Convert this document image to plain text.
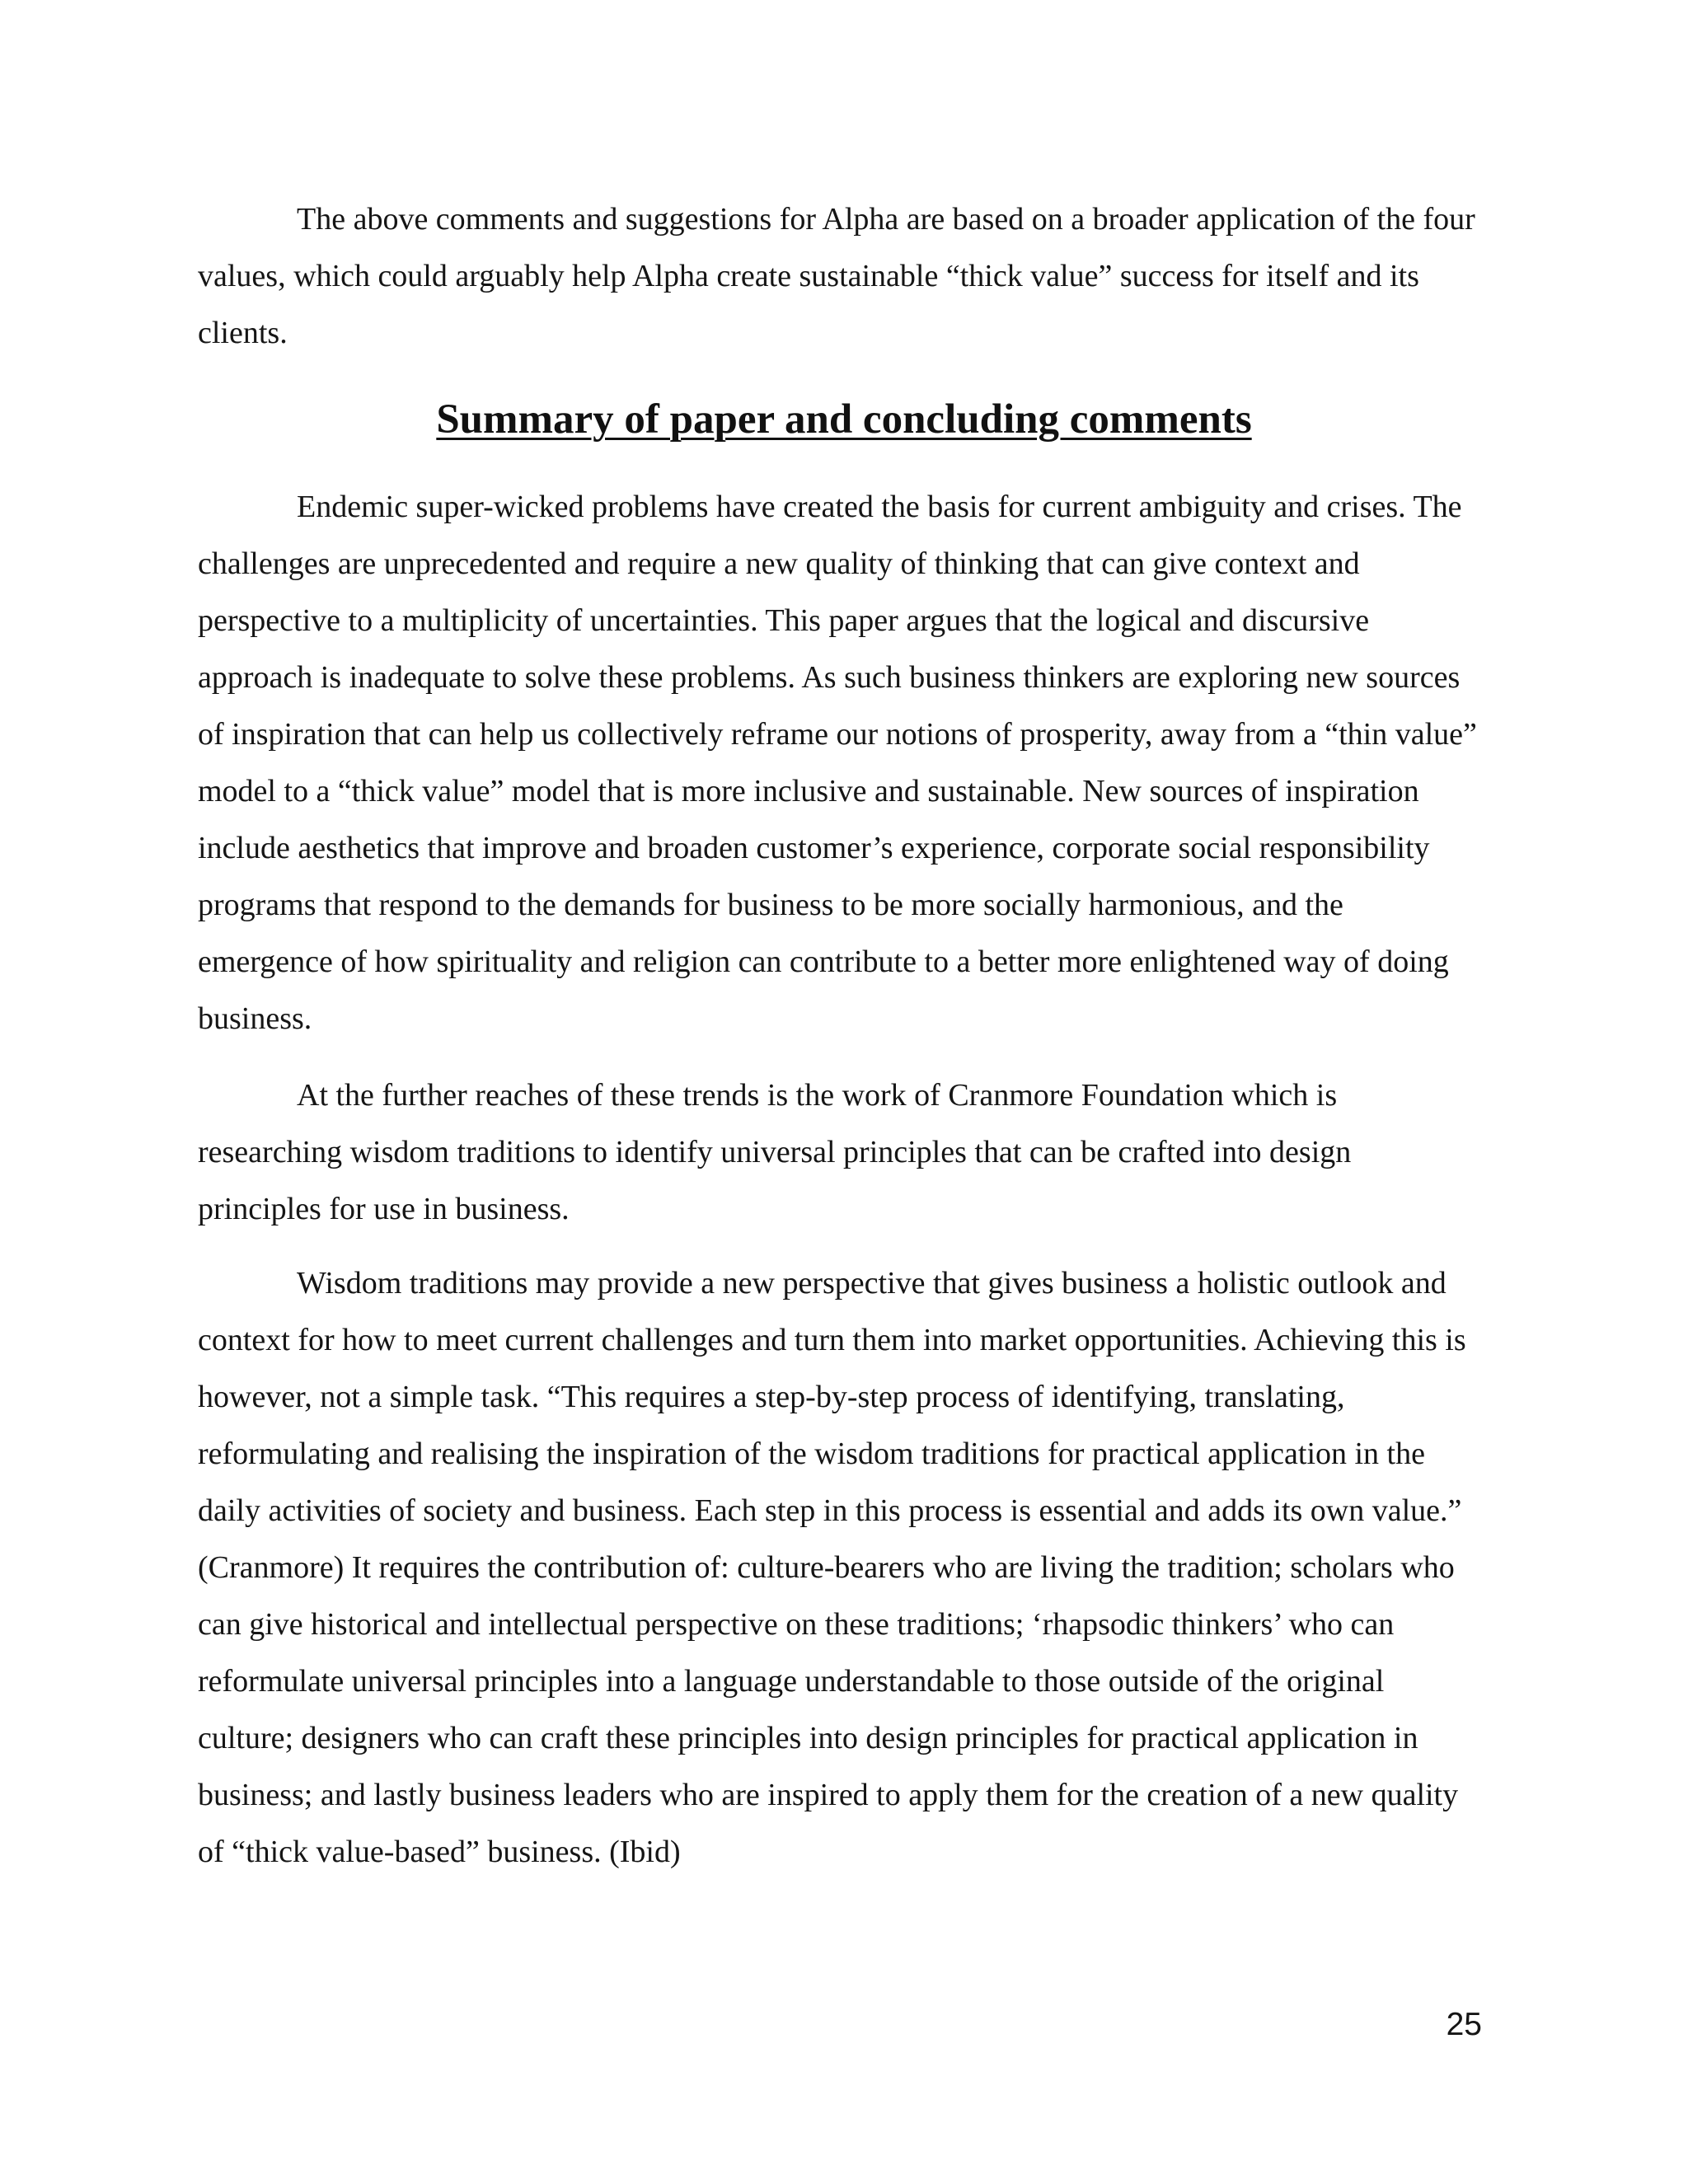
The above comments and suggestions for Alpha are based on a broader application of the four values, which could arguably help Alpha create sustainable “thick value” success for itself and its clients.

Summary of paper and concluding comments

Endemic super-wicked problems have created the basis for current ambiguity and crises. The challenges are unprecedented and require a new quality of thinking that can give context and perspective to a multiplicity of uncertainties. This paper argues that the logical and discursive approach is inadequate to solve these problems. As such business thinkers are exploring new sources of inspiration that can help us collectively reframe our notions of prosperity, away from a “thin value” model to a “thick value” model that is more inclusive and sustainable. New sources of inspiration include aesthetics that improve and broaden customer’s experience, corporate social responsibility programs that respond to the demands for business to be more socially harmonious, and the emergence of how spirituality and religion can contribute to a better more enlightened way of doing business.

At the further reaches of these trends is the work of Cranmore Foundation which is researching wisdom traditions to identify universal principles that can be crafted into design principles for use in business.

Wisdom traditions may provide a new perspective that gives business a holistic outlook and context for how to meet current challenges and turn them into market opportunities. Achieving this is however, not a simple task. “This requires a step-by-step process of identifying, translating, reformulating and realising the inspiration of the wisdom traditions for practical application in the daily activities of society and business. Each step in this process is essential and adds its own value.” (Cranmore) It requires the contribution of: culture-bearers who are living the tradition; scholars who can give historical and intellectual perspective on these traditions; ‘rhapsodic thinkers’ who can reformulate universal principles into a language understandable to those outside of the original culture; designers who can craft these principles into design principles for practical application in business; and lastly business leaders who are inspired to apply them for the creation of a new quality of “thick value-based” business. (Ibid)

25
